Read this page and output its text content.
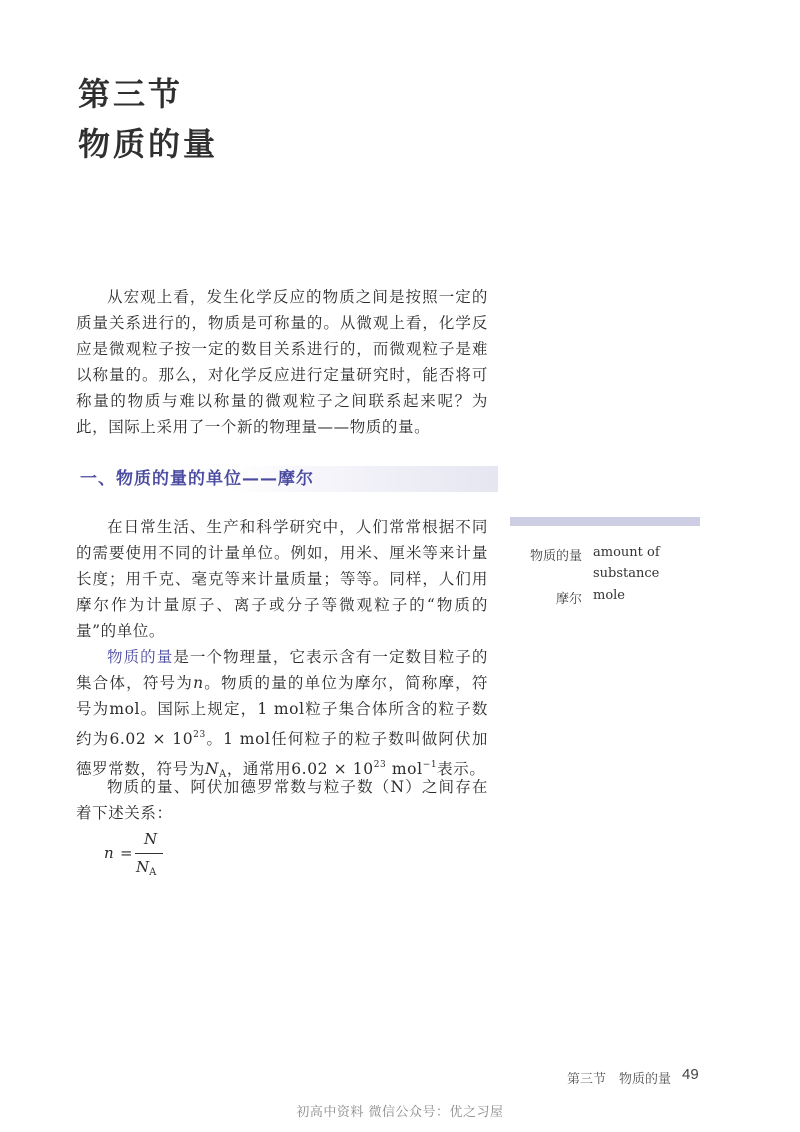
第三节
物质的量

从宏观上看，发生化学反应的物质之间是按照一定的质量关系进行的，物质是可称量的。从微观上看，化学反应是微观粒子按一定的数目关系进行的，而微观粒子是难以称量的。那么，对化学反应进行定量研究时，能否将可称量的物质与难以称量的微观粒子之间联系起来呢？为此，国际上采用了一个新的物理量——物质的量。

一、物质的量的单位——摩尔

在日常生活、生产和科学研究中，人们常常根据不同的需要使用不同的计量单位。例如，用米、厘米等来计量长度；用千克、毫克等来计量质量；等等。同样，人们用摩尔作为计量原子、离子或分子等微观粒子的“物质的量”的单位。

物质的量是一个物理量，它表示含有一定数目粒子的集合体，符号为n。物质的量的单位为摩尔，简称摩，符号为mol。国际上规定，1 mol粒子集合体所含的粒子数约为$6.02 \times 10^{23}$。1 mol任何粒子的粒子数叫做阿伏加德罗常数，符号为$N_A$，通常用$6.02 \times 10^{23}$ mol$^{-1}$表示。

物质的量、阿伏加德罗常数与粒子数（N）之间存在着下述关系：

n =
N
$N_A$
物质的量 amount of substance
摩尔 mole
第三节　物质的量 49
初高中资料 微信公众号：优之习屋
